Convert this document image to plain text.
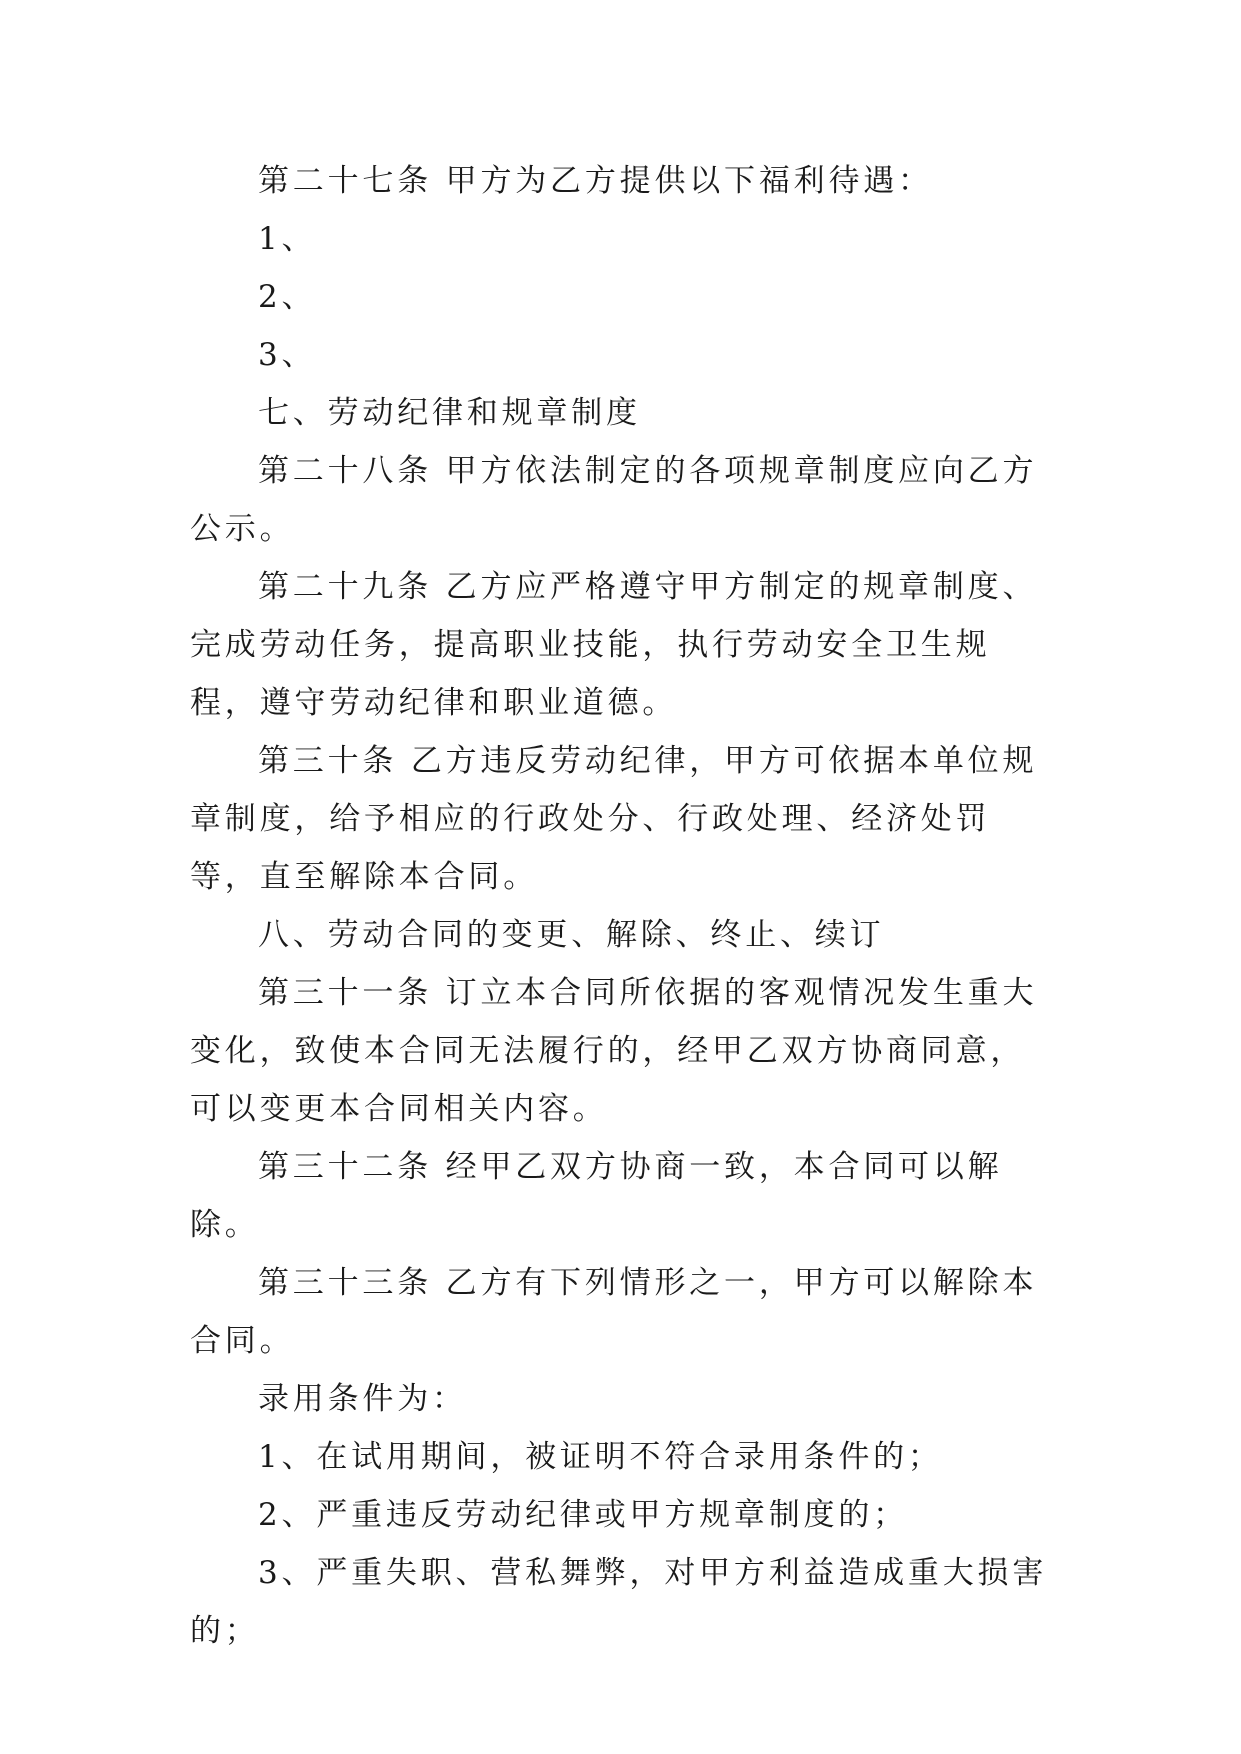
第二十七条 甲方为乙方提供以下福利待遇：

1、

2、

3、

七、劳动纪律和规章制度

第二十八条 甲方依法制定的各项规章制度应向乙方公示。

第二十九条 乙方应严格遵守甲方制定的规章制度、完成劳动任务，提高职业技能，执行劳动安全卫生规程，遵守劳动纪律和职业道德。

第三十条 乙方违反劳动纪律，甲方可依据本单位规章制度，给予相应的行政处分、行政处理、经济处罚等，直至解除本合同。

八、劳动合同的变更、解除、终止、续订

第三十一条 订立本合同所依据的客观情况发生重大变化，致使本合同无法履行的，经甲乙双方协商同意，可以变更本合同相关内容。

第三十二条 经甲乙双方协商一致，本合同可以解除。

第三十三条 乙方有下列情形之一，甲方可以解除本合同。

录用条件为：

1、在试用期间，被证明不符合录用条件的；

2、严重违反劳动纪律或甲方规章制度的；

3、严重失职、营私舞弊，对甲方利益造成重大损害的；
